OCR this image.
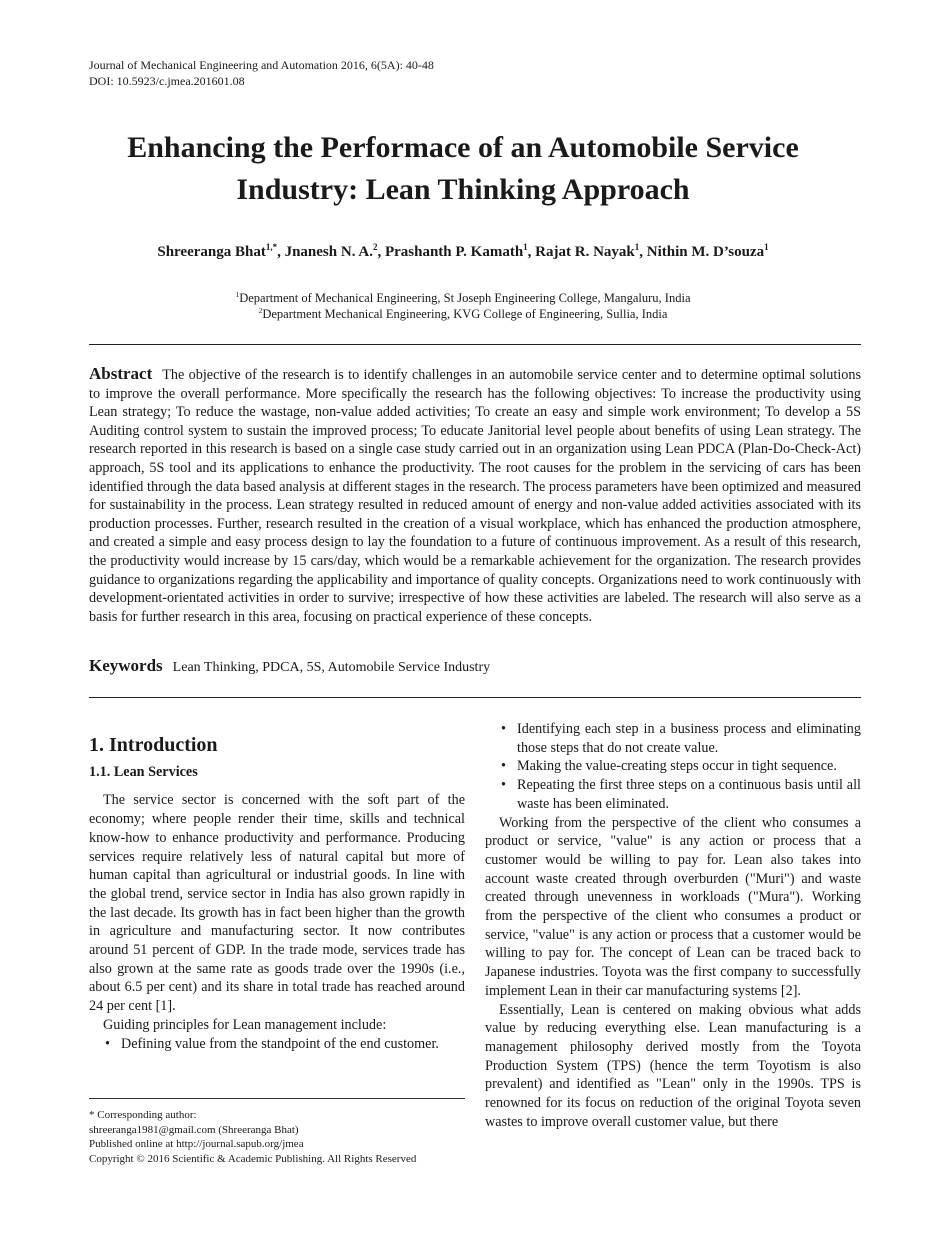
Journal of Mechanical Engineering and Automation 2016, 6(5A): 40-48
DOI: 10.5923/c.jmea.201601.08
Enhancing the Performace of an Automobile Service
Industry: Lean Thinking Approach
Shreeranga Bhat$^{1,*}$, Jnanesh N. A.$^2$, Prashanth P. Kamath$^1$, Rajat R. Nayak$^1$, Nithin M. D’souza$^1$
$^1$Department of Mechanical Engineering, St Joseph Engineering College, Mangaluru, India
$^2$Department Mechanical Engineering, KVG College of Engineering, Sullia, India
Abstract The objective of the research is to identify challenges in an automobile service center and to determine optimal solutions to improve the overall performance. More specifically the research has the following objectives: To increase the productivity using Lean strategy; To reduce the wastage, non-value added activities; To create an easy and simple work environment; To develop a 5S Auditing control system to sustain the improved process; To educate Janitorial level people about benefits of using Lean strategy. The research reported in this research is based on a single case study carried out in an organization using Lean PDCA (Plan-Do-Check-Act) approach, 5S tool and its applications to enhance the productivity. The root causes for the problem in the servicing of cars has been identified through the data based analysis at different stages in the research. The process parameters have been optimized and measured for sustainability in the process. Lean strategy resulted in reduced amount of energy and non-value added activities associated with its production processes. Further, research resulted in the creation of a visual workplace, which has enhanced the production atmosphere, and created a simple and easy process design to lay the foundation to a future of continuous improvement. As a result of this research, the productivity would increase by 15 cars/day, which would be a remarkable achievement for the organization. The research provides guidance to organizations regarding the applicability and importance of quality concepts. Organizations need to work continuously with development-orientated activities in order to survive; irrespective of how these activities are labeled. The research will also serve as a basis for further research in this area, focusing on practical experience of these concepts.
Keywords Lean Thinking, PDCA, 5S, Automobile Service Industry
1. Introduction
1.1. Lean Services

The service sector is concerned with the soft part of the economy; where people render their time, skills and technical know-how to enhance productivity and performance. Producing services require relatively less of natural capital but more of human capital than agricultural or industrial goods. In line with the global trend, service sector in India has also grown rapidly in the last decade. Its growth has in fact been higher than the growth in agriculture and manufacturing sector. It now contributes around 51 percent of GDP. In the trade mode, services trade has also grown at the same rate as goods trade over the 1990s (i.e., about 6.5 per cent) and its share in total trade has reached around 24 per cent [1].

Guiding principles for Lean management include:

• Defining value from the standpoint of the end customer.
• Identifying each step in a business process and eliminating those steps that do not create value.
• Making the value-creating steps occur in tight sequence.
• Repeating the first three steps on a continuous basis until all waste has been eliminated.

Working from the perspective of the client who consumes a product or service, "value" is any action or process that a customer would be willing to pay for. Lean also takes into account waste created through overburden ("Muri") and waste created through unevenness in workloads ("Mura"). Working from the perspective of the client who consumes a product or service, "value" is any action or process that a customer would be willing to pay for. The concept of Lean can be traced back to Japanese industries. Toyota was the first company to successfully implement Lean in their car manufacturing systems [2].

Essentially, Lean is centered on making obvious what adds value by reducing everything else. Lean manufacturing is a management philosophy derived mostly from the Toyota Production System (TPS) (hence the term Toyotism is also prevalent) and identified as "Lean" only in the 1990s. TPS is renowned for its focus on reduction of the original Toyota seven wastes to improve overall customer value, but there

* Corresponding author:
shreeranga1981@gmail.com (Shreeranga Bhat)
Published online at http://journal.sapub.org/jmea
Copyright © 2016 Scientific & Academic Publishing. All Rights Reserved
